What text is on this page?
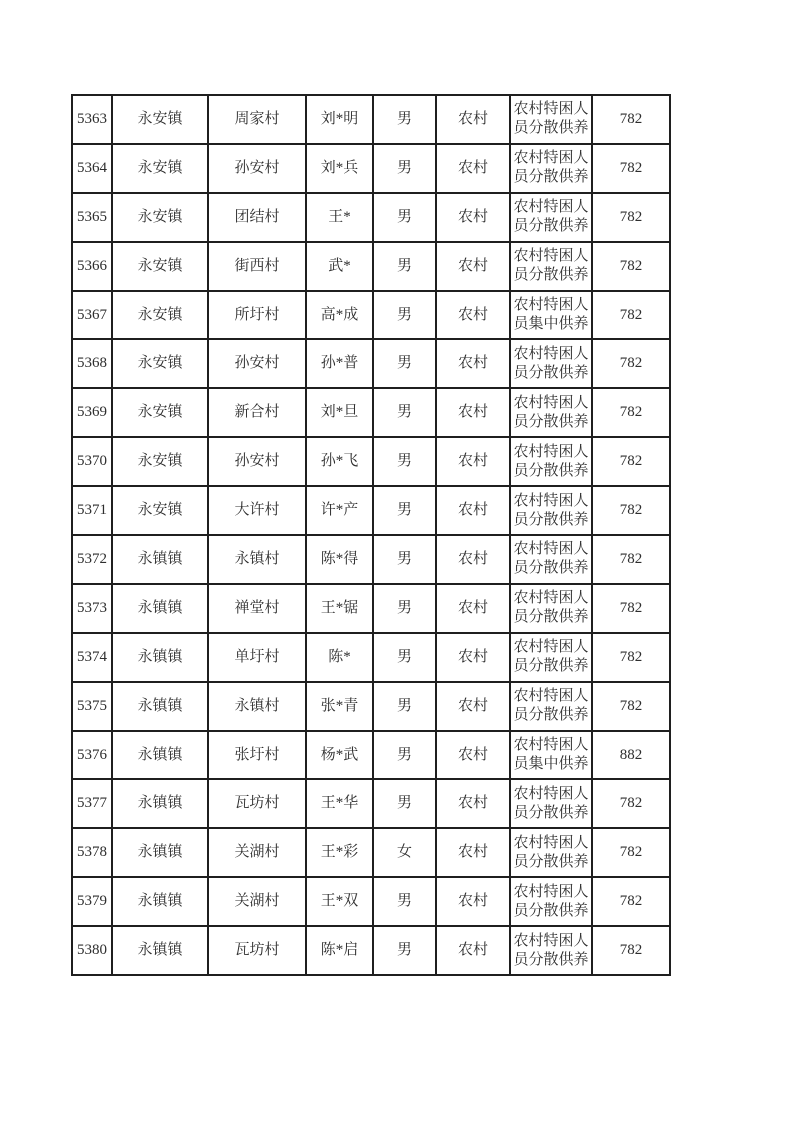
5363	永安镇	周家村	刘*明	男	农村	农村特困人员分散供养	782
5364	永安镇	孙安村	刘*兵	男	农村	农村特困人员分散供养	782
5365	永安镇	团结村	王*	男	农村	农村特困人员分散供养	782
5366	永安镇	街西村	武*	男	农村	农村特困人员分散供养	782
5367	永安镇	所圩村	高*成	男	农村	农村特困人员集中供养	782
5368	永安镇	孙安村	孙*普	男	农村	农村特困人员分散供养	782
5369	永安镇	新合村	刘*旦	男	农村	农村特困人员分散供养	782
5370	永安镇	孙安村	孙*飞	男	农村	农村特困人员分散供养	782
5371	永安镇	大许村	许*产	男	农村	农村特困人员分散供养	782
5372	永镇镇	永镇村	陈*得	男	农村	农村特困人员分散供养	782
5373	永镇镇	禅堂村	王*锯	男	农村	农村特困人员分散供养	782
5374	永镇镇	单圩村	陈*	男	农村	农村特困人员分散供养	782
5375	永镇镇	永镇村	张*青	男	农村	农村特困人员分散供养	782
5376	永镇镇	张圩村	杨*武	男	农村	农村特困人员集中供养	882
5377	永镇镇	瓦坊村	王*华	男	农村	农村特困人员分散供养	782
5378	永镇镇	关湖村	王*彩	女	农村	农村特困人员分散供养	782
5379	永镇镇	关湖村	王*双	男	农村	农村特困人员分散供养	782
5380	永镇镇	瓦坊村	陈*启	男	农村	农村特困人员分散供养	782
